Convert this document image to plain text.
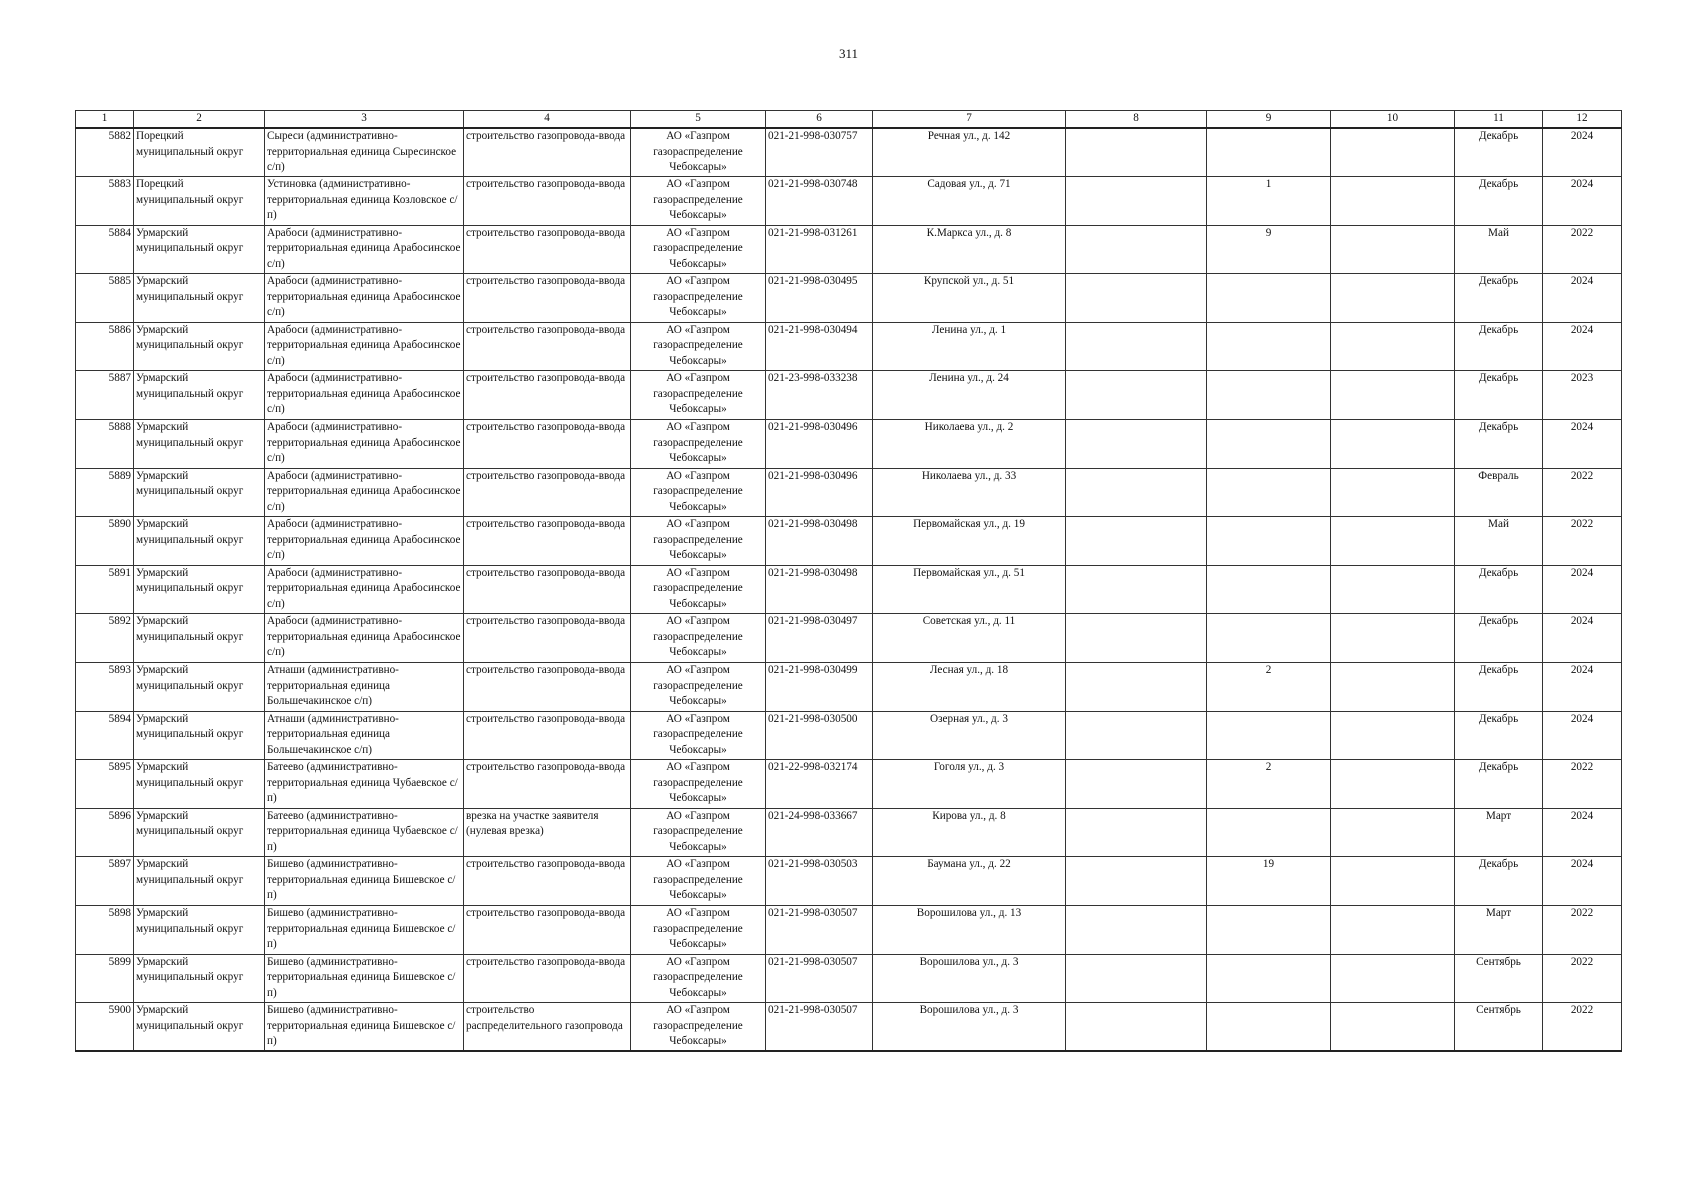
311
1	2	3	4	5	6	7	8	9	10	11	12
5882	Порецкий муниципальный округ	Сыреси (административно-территориальная единица Сыресинское с/п)	строительство газопровода-ввода	АО «Газпром газораспределение Чебоксары»	021-21-998-030757	Речная ул., д. 142				Декабрь	2024
5883	Порецкий муниципальный округ	Устиновка (административно-территориальная единица Козловское с/п)	строительство газопровода-ввода	АО «Газпром газораспределение Чебоксары»	021-21-998-030748	Садовая ул., д. 71		1		Декабрь	2024
5884	Урмарский муниципальный округ	Арабоси (административно-территориальная единица Арабосинское с/п)	строительство газопровода-ввода	АО «Газпром газораспределение Чебоксары»	021-21-998-031261	К.Маркса ул., д. 8		9		Май	2022
5885	Урмарский муниципальный округ	Арабоси (административно-территориальная единица Арабосинское с/п)	строительство газопровода-ввода	АО «Газпром газораспределение Чебоксары»	021-21-998-030495	Крупской ул., д. 51				Декабрь	2024
5886	Урмарский муниципальный округ	Арабоси (административно-территориальная единица Арабосинское с/п)	строительство газопровода-ввода	АО «Газпром газораспределение Чебоксары»	021-21-998-030494	Ленина ул., д. 1				Декабрь	2024
5887	Урмарский муниципальный округ	Арабоси (административно-территориальная единица Арабосинское с/п)	строительство газопровода-ввода	АО «Газпром газораспределение Чебоксары»	021-23-998-033238	Ленина ул., д. 24				Декабрь	2023
5888	Урмарский муниципальный округ	Арабоси (административно-территориальная единица Арабосинское с/п)	строительство газопровода-ввода	АО «Газпром газораспределение Чебоксары»	021-21-998-030496	Николаева ул., д. 2				Декабрь	2024
5889	Урмарский муниципальный округ	Арабоси (административно-территориальная единица Арабосинское с/п)	строительство газопровода-ввода	АО «Газпром газораспределение Чебоксары»	021-21-998-030496	Николаева ул., д. 33				Февраль	2022
5890	Урмарский муниципальный округ	Арабоси (административно-территориальная единица Арабосинское с/п)	строительство газопровода-ввода	АО «Газпром газораспределение Чебоксары»	021-21-998-030498	Первомайская ул., д. 19				Май	2022
5891	Урмарский муниципальный округ	Арабоси (административно-территориальная единица Арабосинское с/п)	строительство газопровода-ввода	АО «Газпром газораспределение Чебоксары»	021-21-998-030498	Первомайская ул., д. 51				Декабрь	2024
5892	Урмарский муниципальный округ	Арабоси (административно-территориальная единица Арабосинское с/п)	строительство газопровода-ввода	АО «Газпром газораспределение Чебоксары»	021-21-998-030497	Советская ул., д. 11				Декабрь	2024
5893	Урмарский муниципальный округ	Атнаши (административно-территориальная единица Большечакинское с/п)	строительство газопровода-ввода	АО «Газпром газораспределение Чебоксары»	021-21-998-030499	Лесная ул., д. 18		2		Декабрь	2024
5894	Урмарский муниципальный округ	Атнаши (административно-территориальная единица Большечакинское с/п)	строительство газопровода-ввода	АО «Газпром газораспределение Чебоксары»	021-21-998-030500	Озерная ул., д. 3				Декабрь	2024
5895	Урмарский муниципальный округ	Батеево (административно-территориальная единица Чубаевское с/п)	строительство газопровода-ввода	АО «Газпром газораспределение Чебоксары»	021-22-998-032174	Гоголя ул., д. 3		2		Декабрь	2022
5896	Урмарский муниципальный округ	Батеево (административно-территориальная единица Чубаевское с/п)	врезка на участке заявителя (нулевая врезка)	АО «Газпром газораспределение Чебоксары»	021-24-998-033667	Кирова ул., д. 8				Март	2024
5897	Урмарский муниципальный округ	Бишево (административно-территориальная единица Бишевское с/п)	строительство газопровода-ввода	АО «Газпром газораспределение Чебоксары»	021-21-998-030503	Баумана ул., д. 22		19		Декабрь	2024
5898	Урмарский муниципальный округ	Бишево (административно-территориальная единица Бишевское с/п)	строительство газопровода-ввода	АО «Газпром газораспределение Чебоксары»	021-21-998-030507	Ворошилова ул., д. 13				Март	2022
5899	Урмарский муниципальный округ	Бишево (административно-территориальная единица Бишевское с/п)	строительство газопровода-ввода	АО «Газпром газораспределение Чебоксары»	021-21-998-030507	Ворошилова ул., д. 3				Сентябрь	2022
5900	Урмарский муниципальный округ	Бишево (административно-территориальная единица Бишевское с/п)	строительство распределительного газопровода	АО «Газпром газораспределение Чебоксары»	021-21-998-030507	Ворошилова ул., д. 3				Сентябрь	2022
